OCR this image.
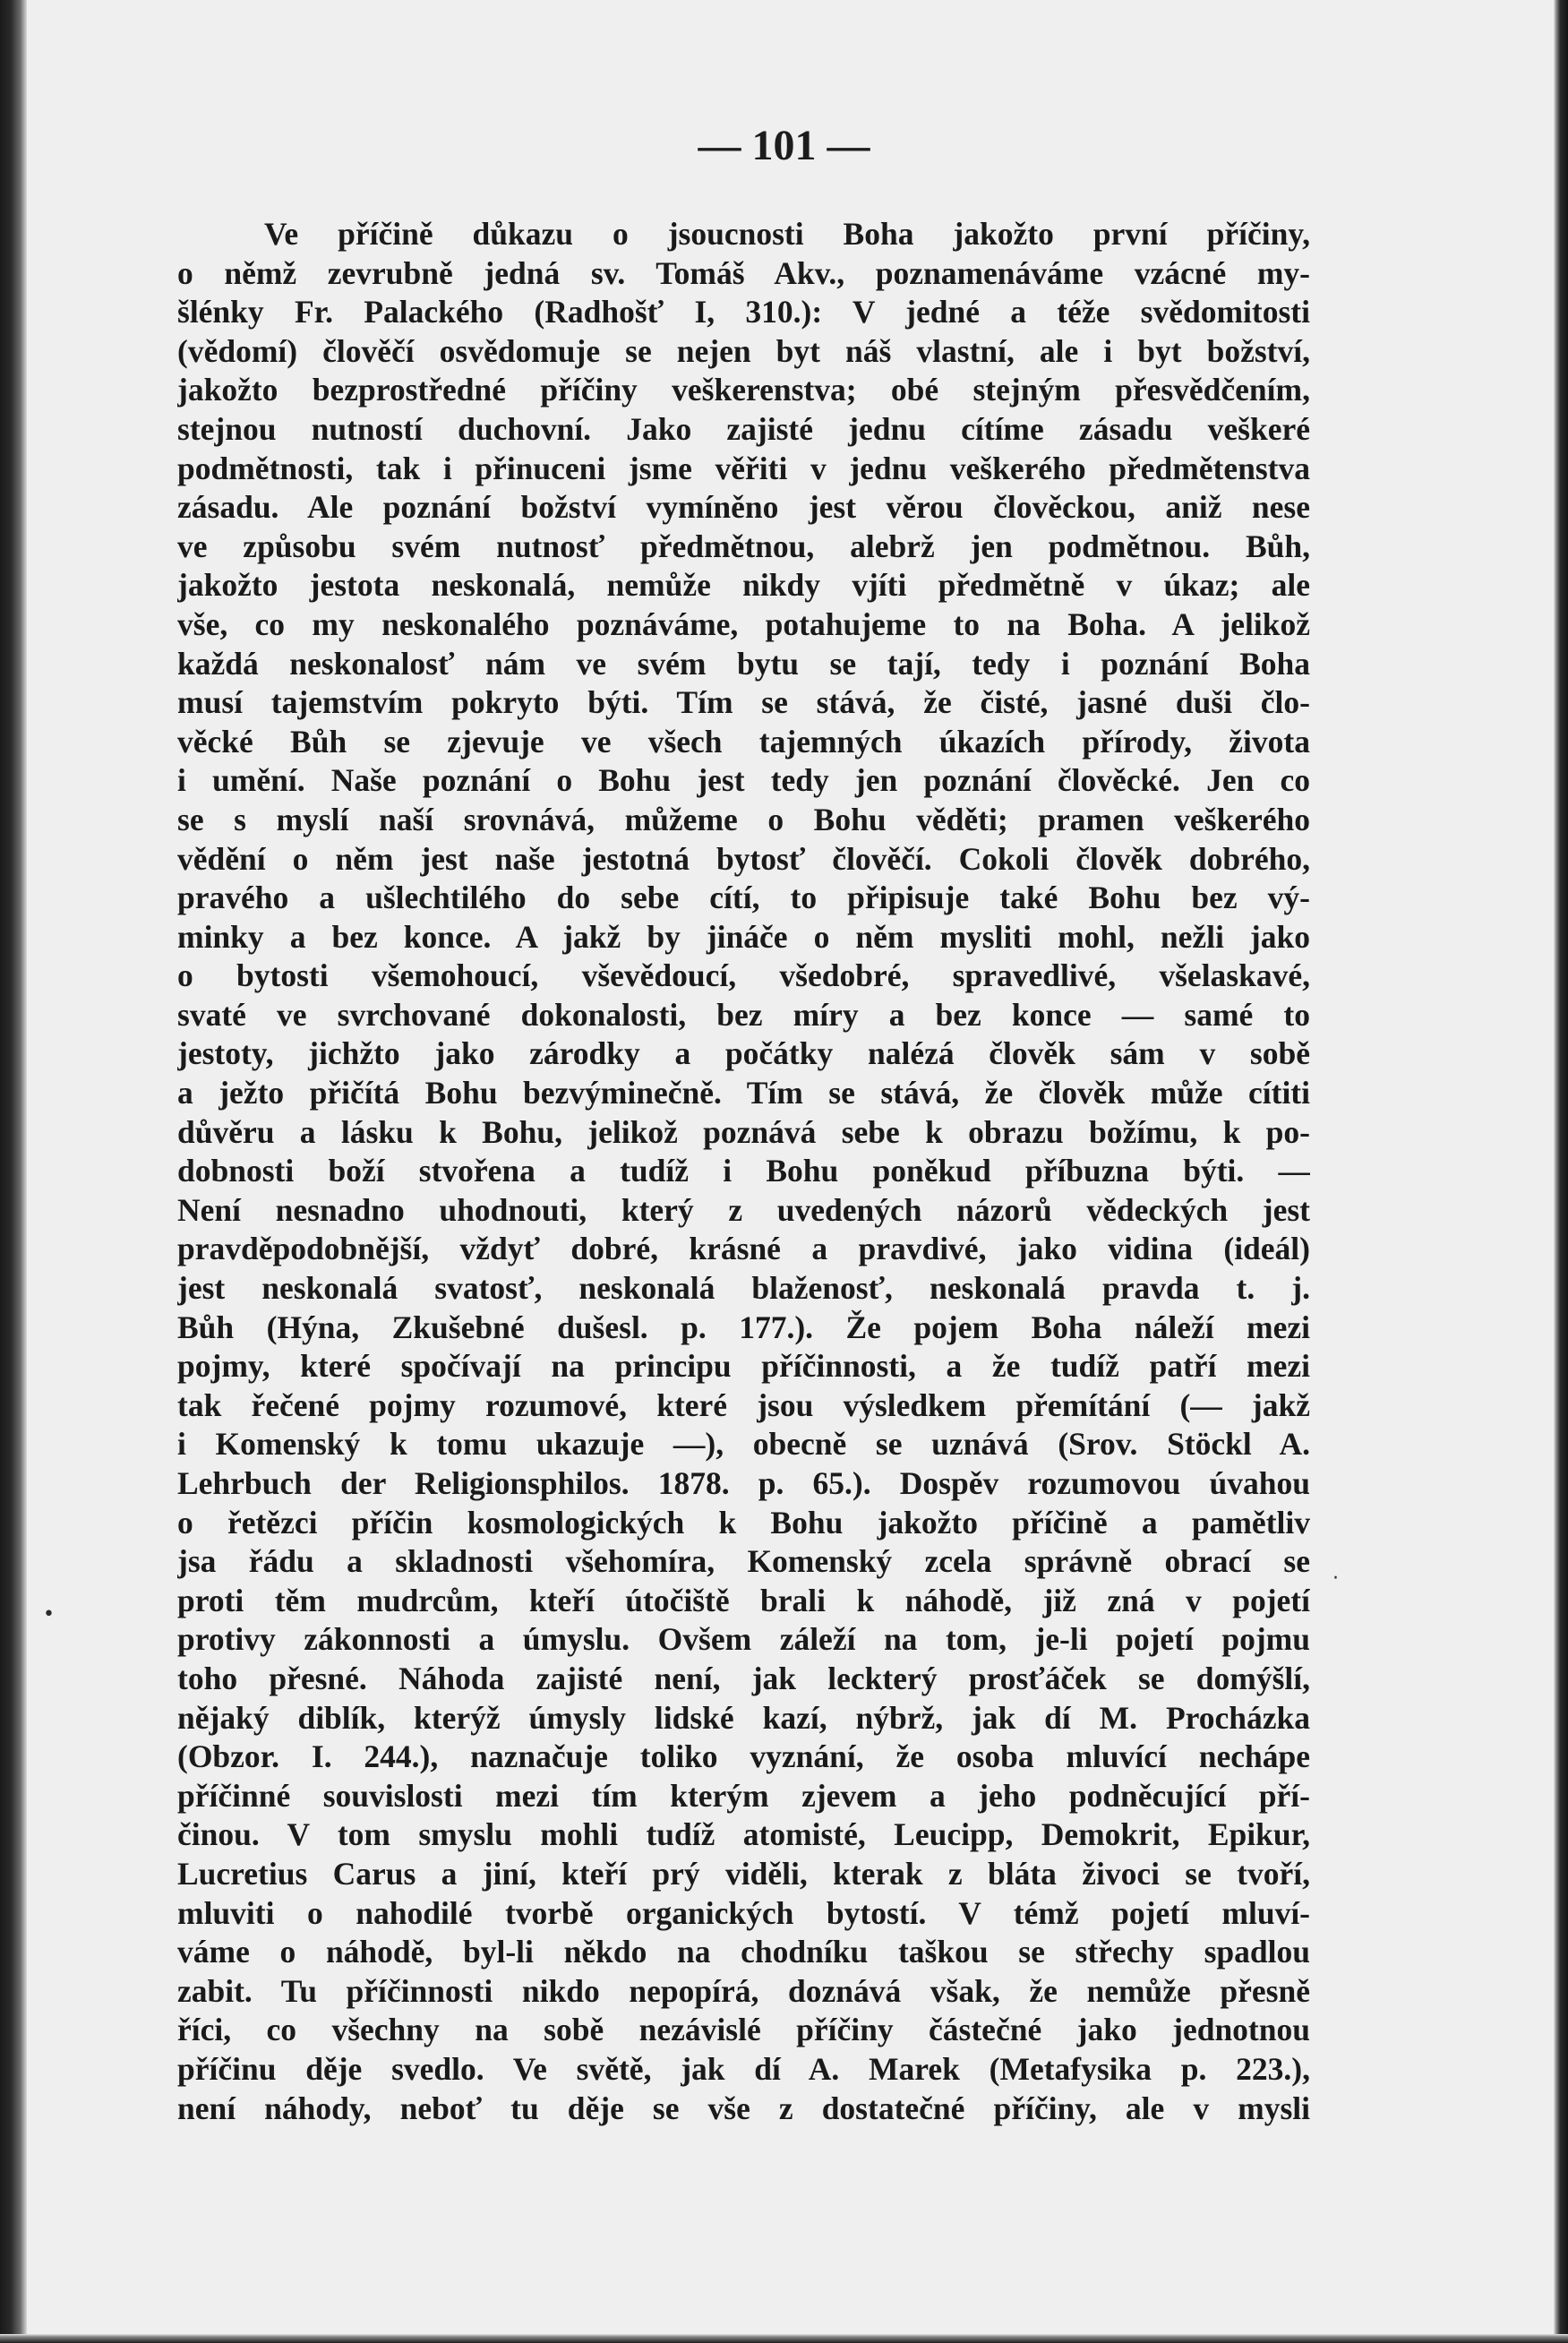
— 101 —

Ve příčině důkazu o jsoucnosti Boha jakožto první příčiny,
o němž zevrubně jedná sv. Tomáš Akv., poznamenáváme vzácné my-
šlénky Fr. Palackého (Radhošť I, 310.): V jedné a téže svědomitosti
(vědomí) člověčí osvědomuje se nejen byt náš vlastní, ale i byt božství,
jakožto bezprostředné příčiny veškerenstva; obé stejným přesvědčením,
stejnou nutností duchovní. Jako zajisté jednu cítíme zásadu veškeré
podmětnosti, tak i přinuceni jsme věřiti v jednu veškerého předmětenstva
zásadu. Ale poznání božství vymíněno jest věrou člověckou, aniž nese
ve způsobu svém nutnosť předmětnou, alebrž jen podmětnou. Bůh,
jakožto jestota neskonalá, nemůže nikdy vjíti předmětně v úkaz; ale
vše, co my neskonalého poznáváme, potahujeme to na Boha. A jelikož
každá neskonalosť nám ve svém bytu se tají, tedy i poznání Boha
musí tajemstvím pokryto býti. Tím se stává, že čisté, jasné duši člo-
věcké Bůh se zjevuje ve všech tajemných úkazích přírody, života
i umění. Naše poznání o Bohu jest tedy jen poznání člověcké. Jen co
se s myslí naší srovnává, můžeme o Bohu věděti; pramen veškerého
vědění o něm jest naše jestotná bytosť člověčí. Cokoli člověk dobrého,
pravého a ušlechtilého do sebe cítí, to připisuje také Bohu bez vý-
minky a bez konce. A jakž by jináče o něm mysliti mohl, nežli jako
o bytosti všemohoucí, vševědoucí, všedobré, spravedlivé, všelaskavé,
svaté ve svrchované dokonalosti, bez míry a bez konce — samé to
jestoty, jichžto jako zárodky a počátky nalézá člověk sám v sobě
a ježto přičítá Bohu bezvýminečně. Tím se stává, že člověk může cítiti
důvěru a lásku k Bohu, jelikož poznává sebe k obrazu božímu, k po-
dobnosti boží stvořena a tudíž i Bohu poněkud příbuzna býti. —
Není nesnadno uhodnouti, který z uvedených názorů vědeckých jest
pravděpodobnější, vždyť dobré, krásné a pravdivé, jako vidina (ideál)
jest neskonalá svatosť, neskonalá blaženosť, neskonalá pravda t. j.
Bůh (Hýna, Zkušebné dušesl. p. 177.). Že pojem Boha náleží mezi
pojmy, které spočívají na principu příčinnosti, a že tudíž patří mezi
tak řečené pojmy rozumové, které jsou výsledkem přemítání (— jakž
i Komenský k tomu ukazuje —), obecně se uznává (Srov. Stöckl A.
Lehrbuch der Religionsphilos. 1878. p. 65.). Dospěv rozumovou úvahou
o řetězci příčin kosmologických k Bohu jakožto příčině a pamětliv
jsa řádu a skladnosti všehomíra, Komenský zcela správně obrací se
proti těm mudrcům, kteří útočiště brali k náhodě, již zná v pojetí
protivy zákonnosti a úmyslu. Ovšem záleží na tom, je-li pojetí pojmu
toho přesné. Náhoda zajisté není, jak leckterý prosťáček se domýšlí,
nějaký diblík, kterýž úmysly lidské kazí, nýbrž, jak dí M. Procházka
(Obzor. I. 244.), naznačuje toliko vyznání, že osoba mluvící nechápe
příčinné souvislosti mezi tím kterým zjevem a jeho podněcující pří-
činou. V tom smyslu mohli tudíž atomisté, Leucipp, Demokrit, Epikur,
Lucretius Carus a jiní, kteří prý viděli, kterak z bláta živoci se tvoří,
mluviti o nahodilé tvorbě organických bytostí. V témž pojetí mluví-
váme o náhodě, byl-li někdo na chodníku taškou se střechy spadlou
zabit. Tu příčinnosti nikdo nepopírá, doznává však, že nemůže přesně
říci, co všechny na sobě nezávislé příčiny částečné jako jednotnou
příčinu děje svedlo. Ve světě, jak dí A. Marek (Metafysika p. 223.),
není náhody, neboť tu děje se vše z dostatečné příčiny, ale v mysli
•
·
